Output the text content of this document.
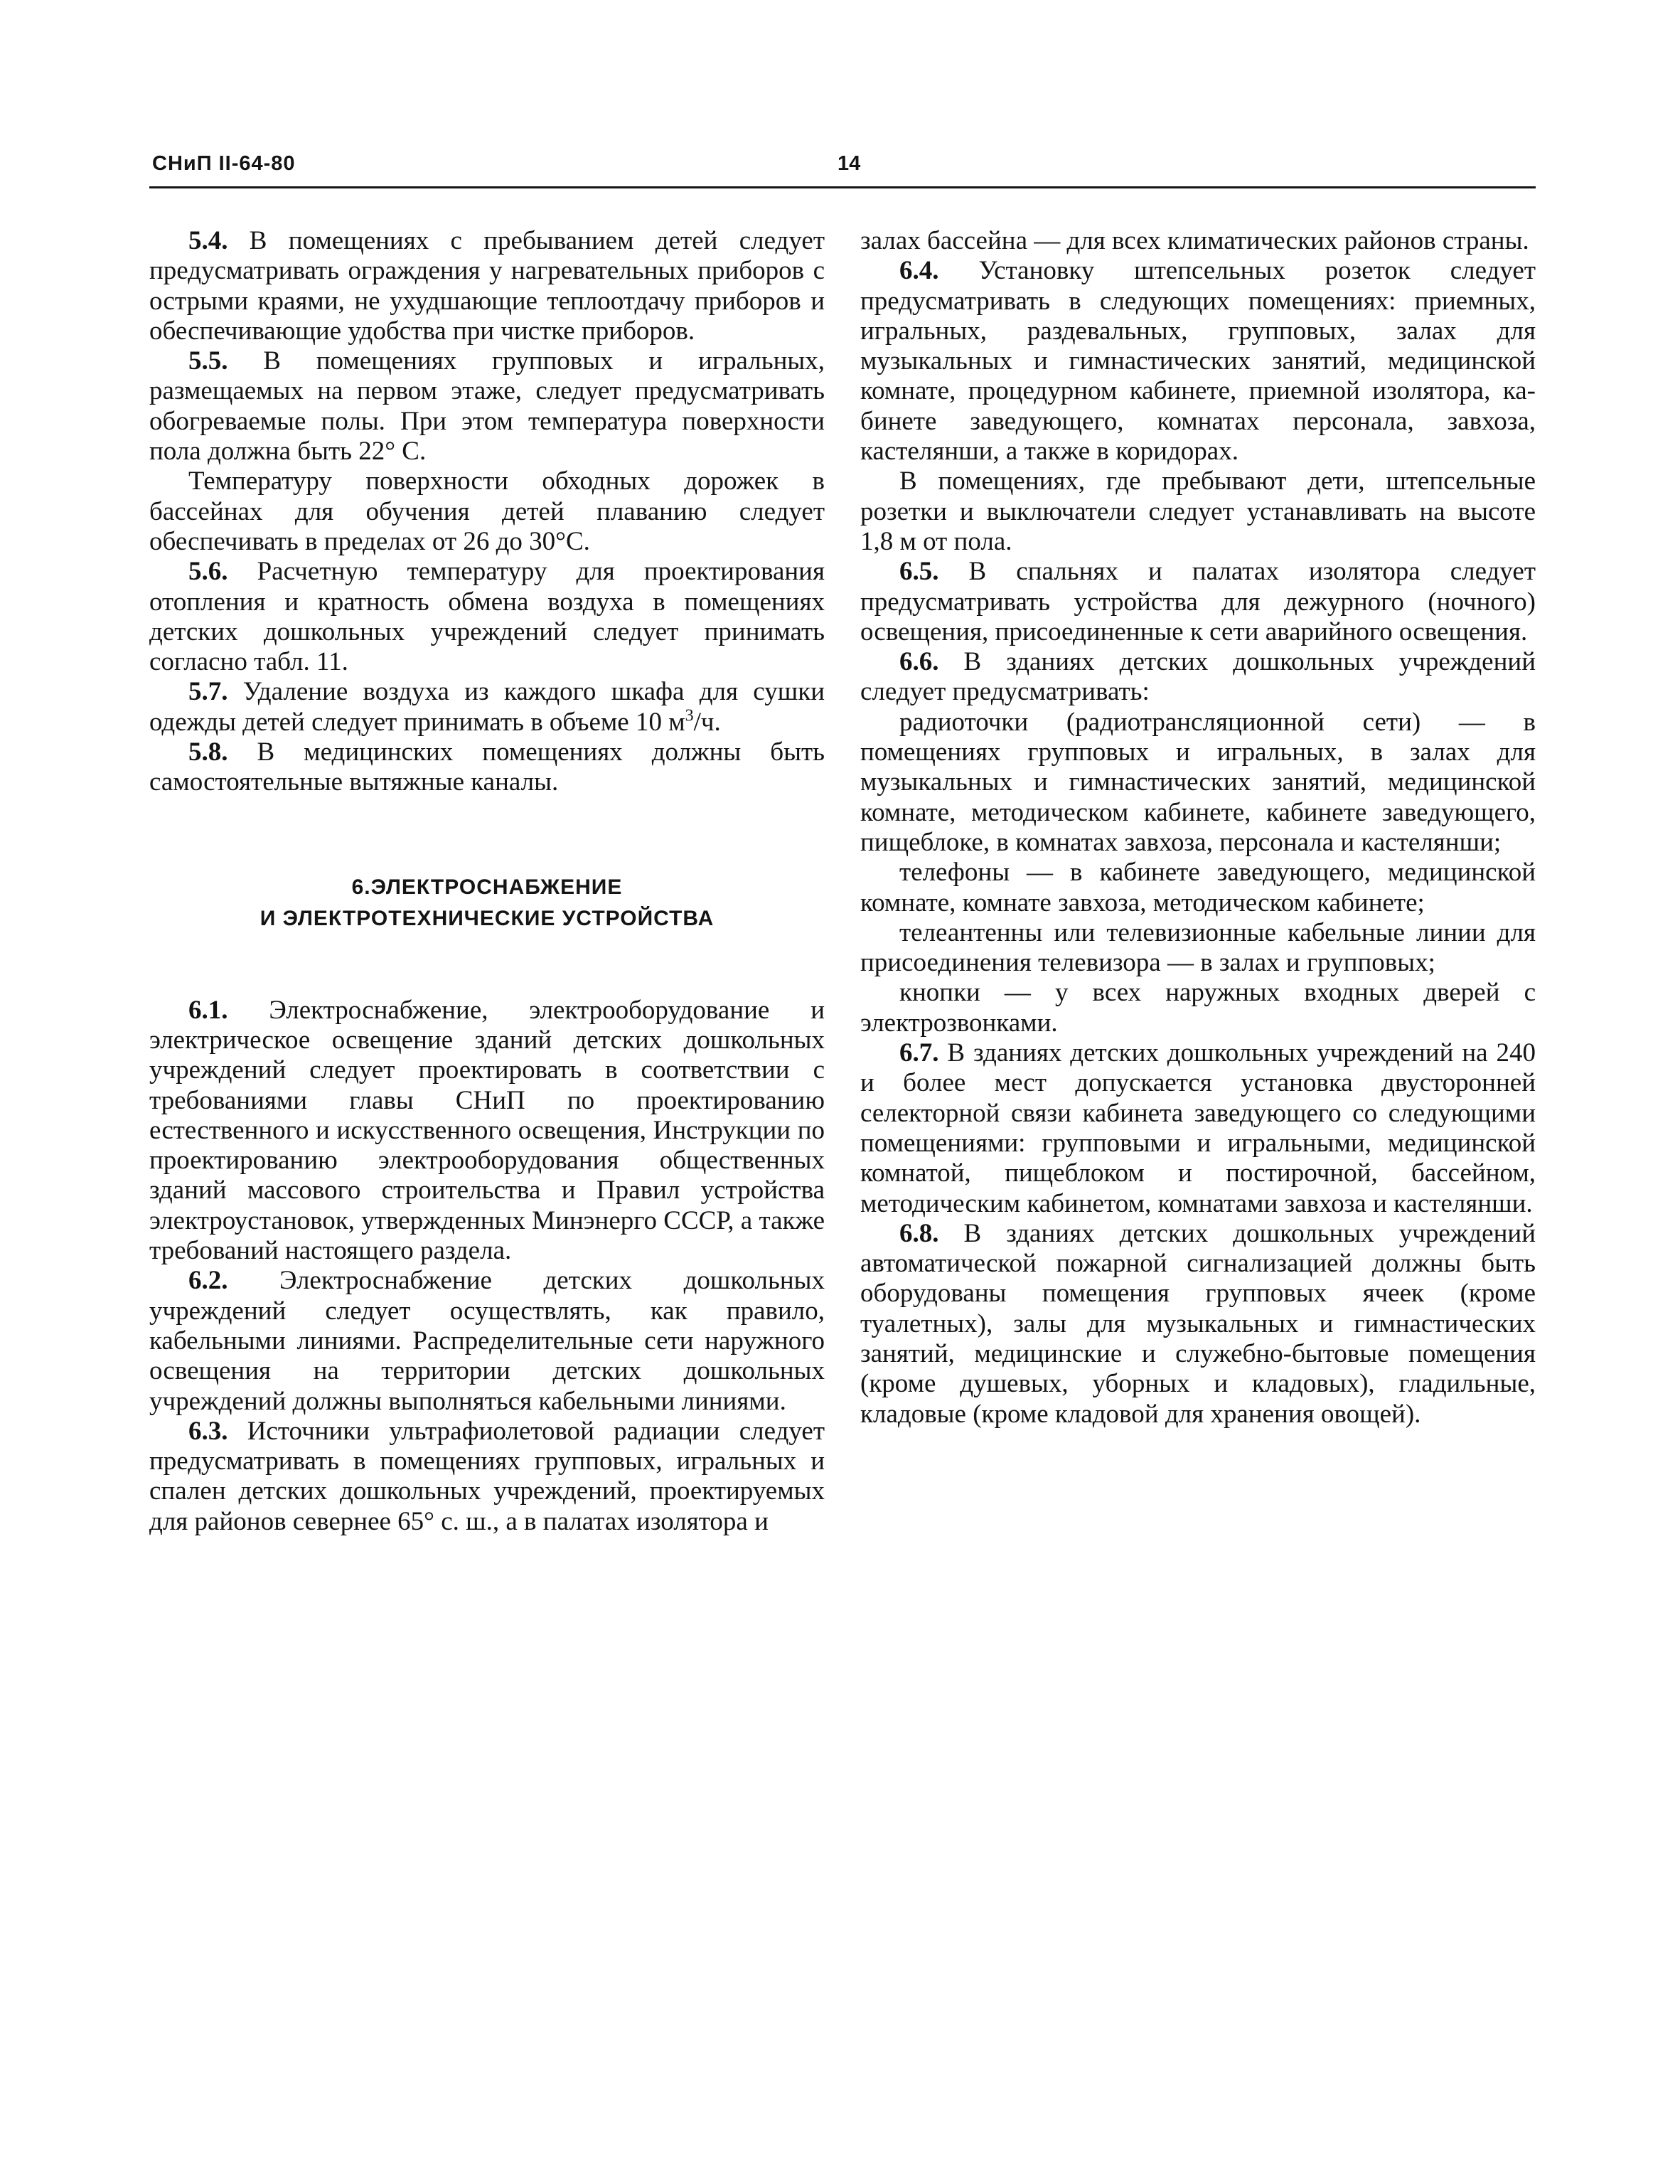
СНиП II-64-80	14

5.4. В помещениях с пребыванием детей следует предусматривать ограждения у нагревательных приборов с острыми краями, не ухудшающие теплоотдачу приборов и обеспечивающие удобства при чистке приборов.

5.5. В помещениях групповых и игральных, размещаемых на первом этаже, следует предусматривать обогреваемые полы. При этом температура поверхности пола должна быть 22° С.

Температуру поверхности обходных дорожек в бассейнах для обучения детей плаванию следует обеспечивать в пределах от 26 до 30°С.

5.6. Расчетную температуру для проектирования отопления и кратность обмена воздуха в помещениях детских дошкольных учреждений следует принимать согласно табл. 11.

5.7. Удаление воздуха из каждого шкафа для сушки одежды детей следует принимать в объеме 10 $м^3/ч$.

5.8. В медицинских помещениях должны быть самостоятельные вытяжные каналы.

6.ЭЛЕКТРОСНАБЖЕНИЕ
И ЭЛЕКТРОТЕХНИЧЕСКИЕ УСТРОЙСТВА

6.1. Электроснабжение, электрооборудование и электрическое освещение зданий детских дошкольных учреждений следует проектировать в соответствии с требованиями главы СНиП по проектированию естественного и искусственного освещения, Инструкции по проектированию электрооборудования общественных зданий массового строительства и Правил устройства электроустановок, утвержденных Минэнерго СССР, а также требований настоящего раздела.

6.2. Электроснабжение детских дошкольных учреждений следует осуществлять, как правило, кабельными линиями. Распределительные сети наружного освещения на территории детских дошкольных учреждений должны выполняться кабельными линиями.

6.3. Источники ультрафиолетовой радиации следует предусматривать в помещениях групповых, игральных и спален детских дошкольных учреждений, проектируемых для районов севернее 65° с. ш., а в палатах изолятора и

залах бассейна — для всех климатических районов страны.

6.4. Установку штепсельных розеток следует предусматривать в следующих помещениях: приемных, игральных, раздевальных, групповых, залах для музыкальных и гимнастических занятий, медицинской комнате, процедурном кабинете, приемной изолятора, кабинете заведующего, комнатах персонала, завхоза, кастелянши, а также в коридорах.

В помещениях, где пребывают дети, штепсельные розетки и выключатели следует устанавливать на высоте 1,8 м от пола.

6.5. В спальнях и палатах изолятора следует предусматривать устройства для дежурного (ночного) освещения, присоединенные к сети аварийного освещения.

6.6. В зданиях детских дошкольных учреждений следует предусматривать:

радиоточки (радиотрансляционной сети) — в помещениях групповых и игральных, в залах для музыкальных и гимнастических занятий, медицинской комнате, методическом кабинете, кабинете заведующего, пищеблоке, в комнатах завхоза, персонала и кастелянши;

телефоны — в кабинете заведующего, медицинской комнате, комнате завхоза, методическом кабинете;

телеантенны или телевизионные кабельные линии для присоединения телевизора — в залах и групповых;

кнопки — у всех наружных входных дверей с электрозвонками.

6.7. В зданиях детских дошкольных учреждений на 240 и более мест допускается установка двусторонней селекторной связи кабинета заведующего со следующими помещениями: групповыми и игральными, медицинской комнатой, пищеблоком и постирочной, бассейном, методическим кабинетом, комнатами завхоза и кастелянши.

6.8. В зданиях детских дошкольных учреждений автоматической пожарной сигнализацией должны быть оборудованы помещения групповых ячеек (кроме туалетных), залы для музыкальных и гимнастических занятий, медицинские и служебно-бытовые помещения (кроме душевых, уборных и кладовых), гладильные, кладовые (кроме кладовой для хранения овощей).
